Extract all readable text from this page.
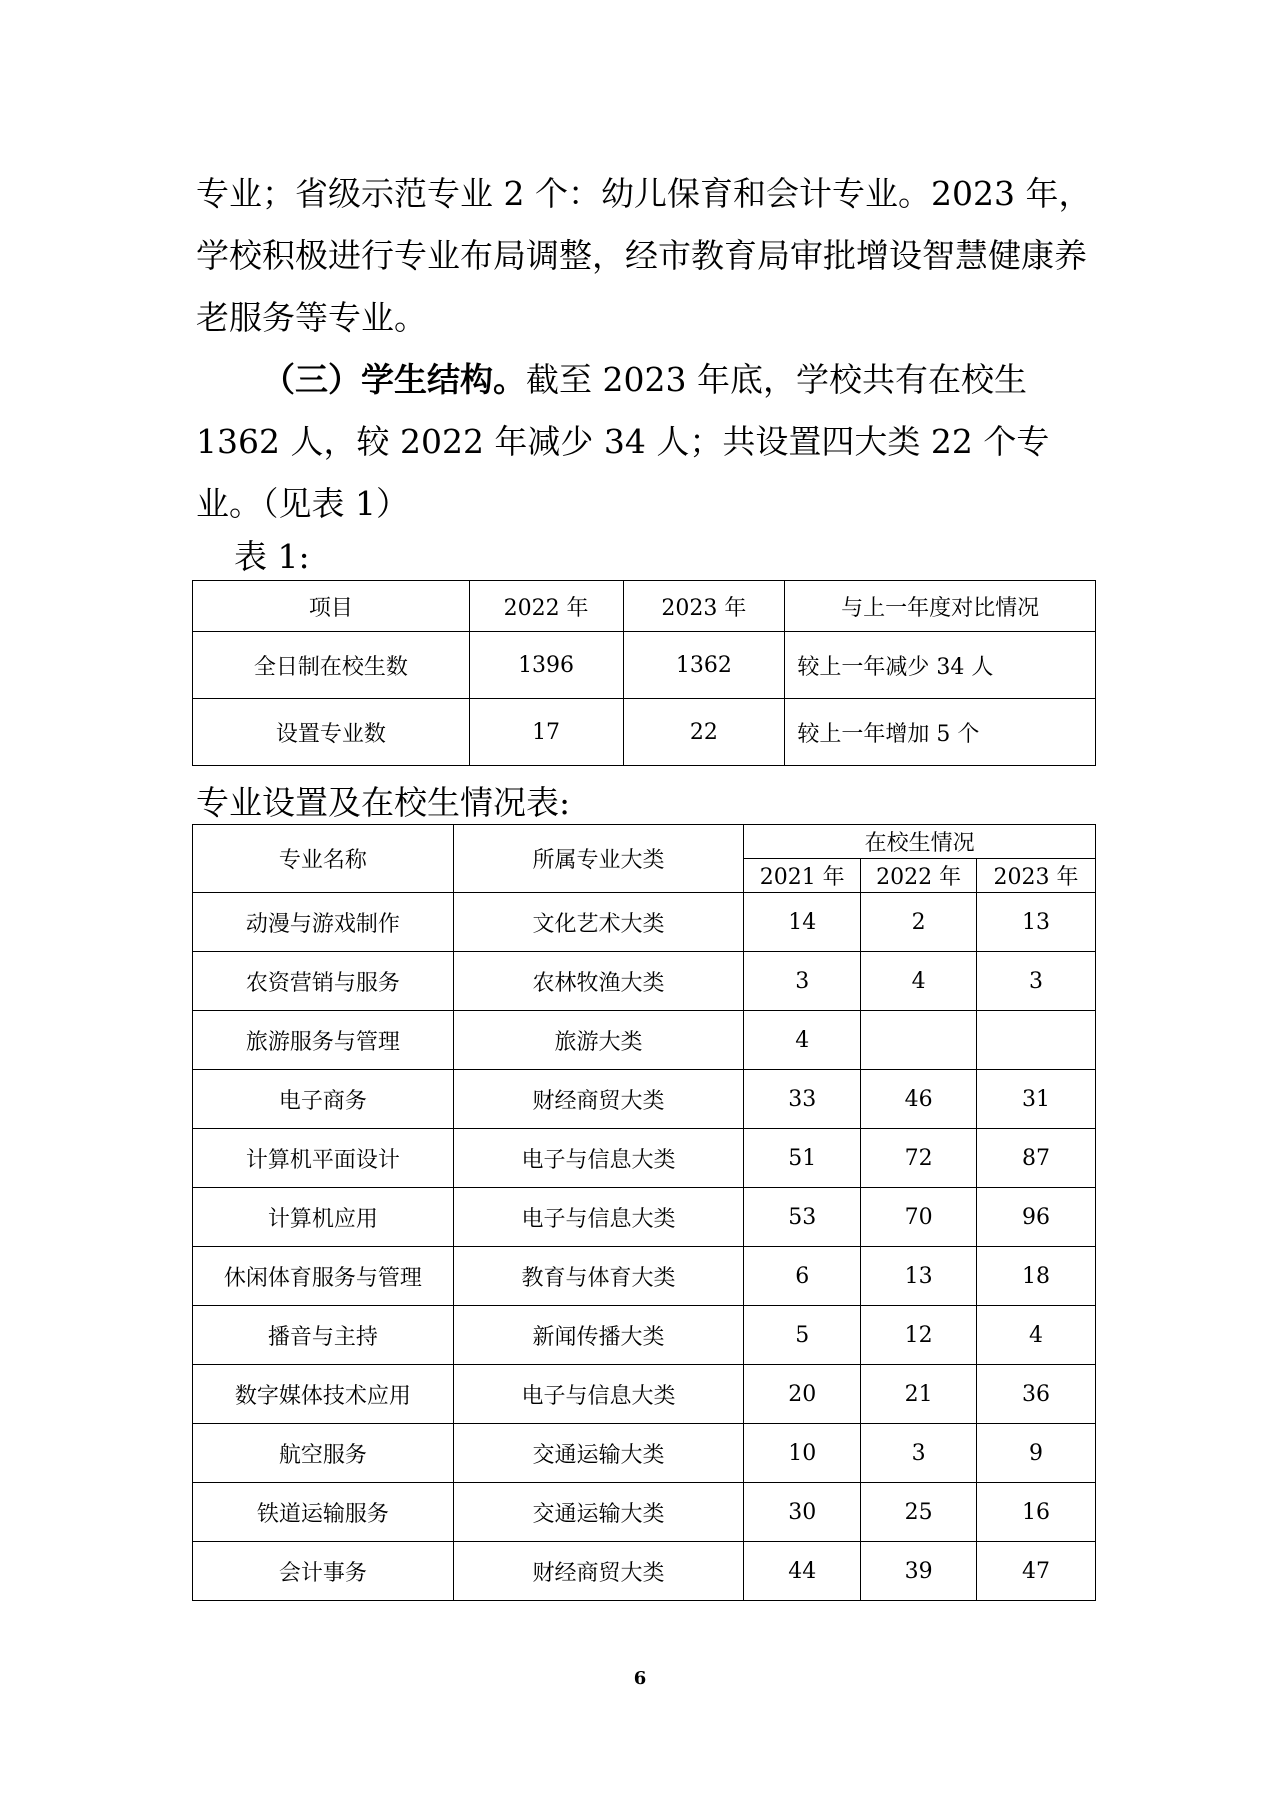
专业；省级示范专业 2 个：幼儿保育和会计专业。2023 年，学校积极进行专业布局调整，经市教育局审批增设智慧健康养老服务等专业。

（三）学生结构。截至 2023 年底，学校共有在校生 1362 人，较 2022 年减少 34 人；共设置四大类 22 个专业。（见表 1）

表 1:

项目	2022 年	2023 年	与上一年度对比情况
全日制在校生数	1396	1362	较上一年减少 34 人
设置专业数	17	22	较上一年增加 5 个

专业设置及在校生情况表:

专业名称	所属专业大类	在校生情况		
		2021 年	2022 年	2023 年
动漫与游戏制作	文化艺术大类	14	2	13
农资营销与服务	农林牧渔大类	3	4	3
旅游服务与管理	旅游大类	4		
电子商务	财经商贸大类	33	46	31
计算机平面设计	电子与信息大类	51	72	87
计算机应用	电子与信息大类	53	70	96
休闲体育服务与管理	教育与体育大类	6	13	18
播音与主持	新闻传播大类	5	12	4
数字媒体技术应用	电子与信息大类	20	21	36
航空服务	交通运输大类	10	3	9
铁道运输服务	交通运输大类	30	25	16
会计事务	财经商贸大类	44	39	47

6
